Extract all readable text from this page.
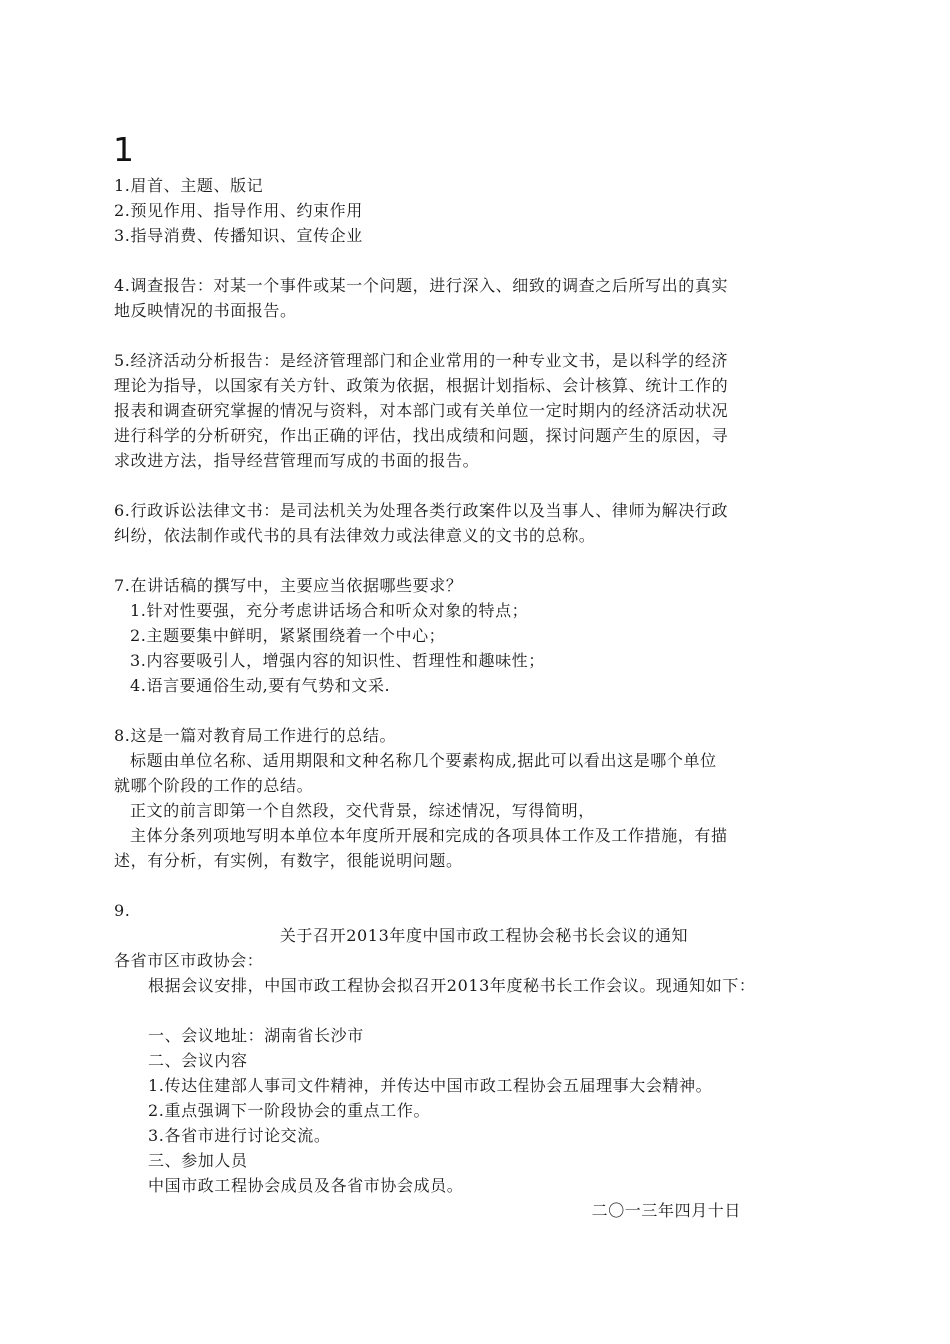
1

1.眉首、主题、版记

2.预见作用、指导作用、约束作用

3.指导消费、传播知识、宣传企业

4.调查报告：对某一个事件或某一个问题，进行深入、细致的调查之后所写出的真实

地反映情况的书面报告。

5.经济活动分析报告：是经济管理部门和企业常用的一种专业文书，是以科学的经济

理论为指导，以国家有关方针、政策为依据，根据计划指标、会计核算、统计工作的

报表和调查研究掌握的情况与资料，对本部门或有关单位一定时期内的经济活动状况

进行科学的分析研究，作出正确的评估，找出成绩和问题，探讨问题产生的原因，寻

求改进方法，指导经营管理而写成的书面的报告。

6.行政诉讼法律文书：是司法机关为处理各类行政案件以及当事人、律师为解决行政

纠纷，依法制作或代书的具有法律效力或法律意义的文书的总称。

7.在讲话稿的撰写中，主要应当依据哪些要求？

1.针对性要强，充分考虑讲话场合和听众对象的特点；

2.主题要集中鲜明，紧紧围绕着一个中心；

3.内容要吸引人，增强内容的知识性、哲理性和趣味性；

4.语言要通俗生动,要有气势和文采.

8.这是一篇对教育局工作进行的总结。

标题由单位名称、适用期限和文种名称几个要素构成,据此可以看出这是哪个单位

就哪个阶段的工作的总结。

正文的前言即第一个自然段，交代背景，综述情况，写得简明，

主体分条列项地写明本单位本年度所开展和完成的各项具体工作及工作措施，有描

述，有分析，有实例，有数字，很能说明问题。

9.

关于召开2013年度中国市政工程协会秘书长会议的通知

各省市区市政协会：

根据会议安排，中国市政工程协会拟召开2013年度秘书长工作会议。现通知如下：

一、会议地址：湖南省长沙市

二、会议内容

1.传达住建部人事司文件精神，并传达中国市政工程协会五届理事大会精神。

2.重点强调下一阶段协会的重点工作。

3.各省市进行讨论交流。

三、参加人员

中国市政工程协会成员及各省市协会成员。

二〇一三年四月十日
